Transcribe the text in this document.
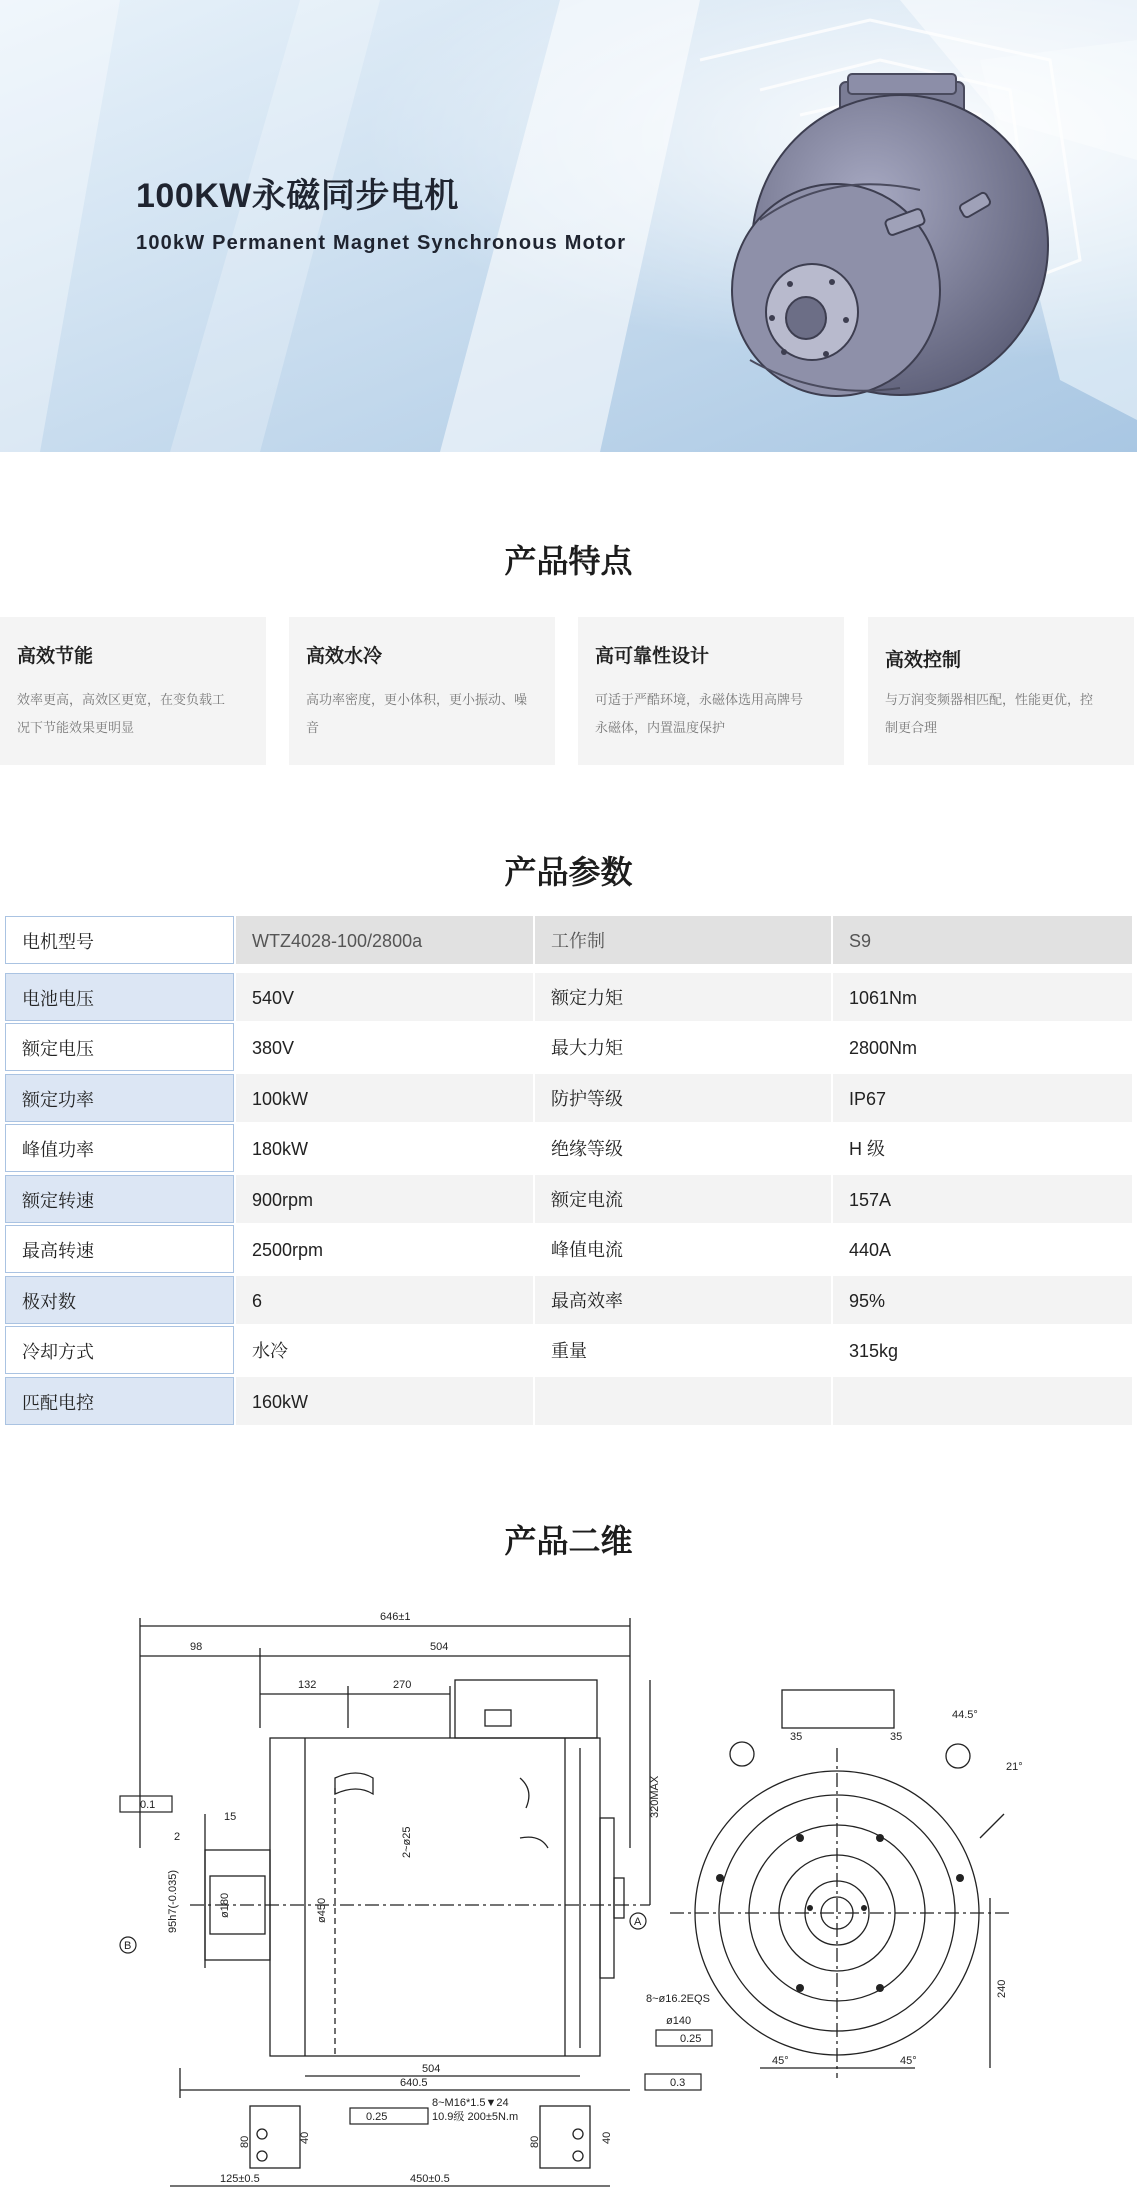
100KW永磁同步电机
100kW Permanent Magnet Synchronous Motor
产品特点
高效节能

效率更高，高效区更宽，在变负载工
况下节能效果更明显

高效水冷

高功率密度，更小体积，更小振动、噪
音

高可靠性设计

可适于严酷环境，永磁体选用高牌号
永磁体，内置温度保护

高效控制

与万润变频器相匹配，性能更优，控
制更合理

产品参数
电机型号	WTZ4028-100/2800a	工作制	S9
电池电压	540V	额定力矩	1061Nm
额定电压	380V	最大力矩	2800Nm
额定功率	100kW	防护等级	IP67
峰值功率	180kW	绝缘等级	H 级
额定转速	900rpm	额定电流	157A
最高转速	2500rpm	峰值电流	440A
极对数	6	最高效率	95%
冷却方式	水冷	重量	315kg
匹配电控	160kW
产品二维
646±1
98	504
132	270
320MAX
2~ø25
ø450
15
2
95h7(-0.035)	ø180
504
640.5
80	40	80	40
125±0.5	450±0.5
8~M16*1.5▼24
10.9级 200±5N.m
8~ø16.2EQS
ø140
240
45°	45°
44.5°
21°
35	35
0.1
0.25
0.25
0.3
A
B
